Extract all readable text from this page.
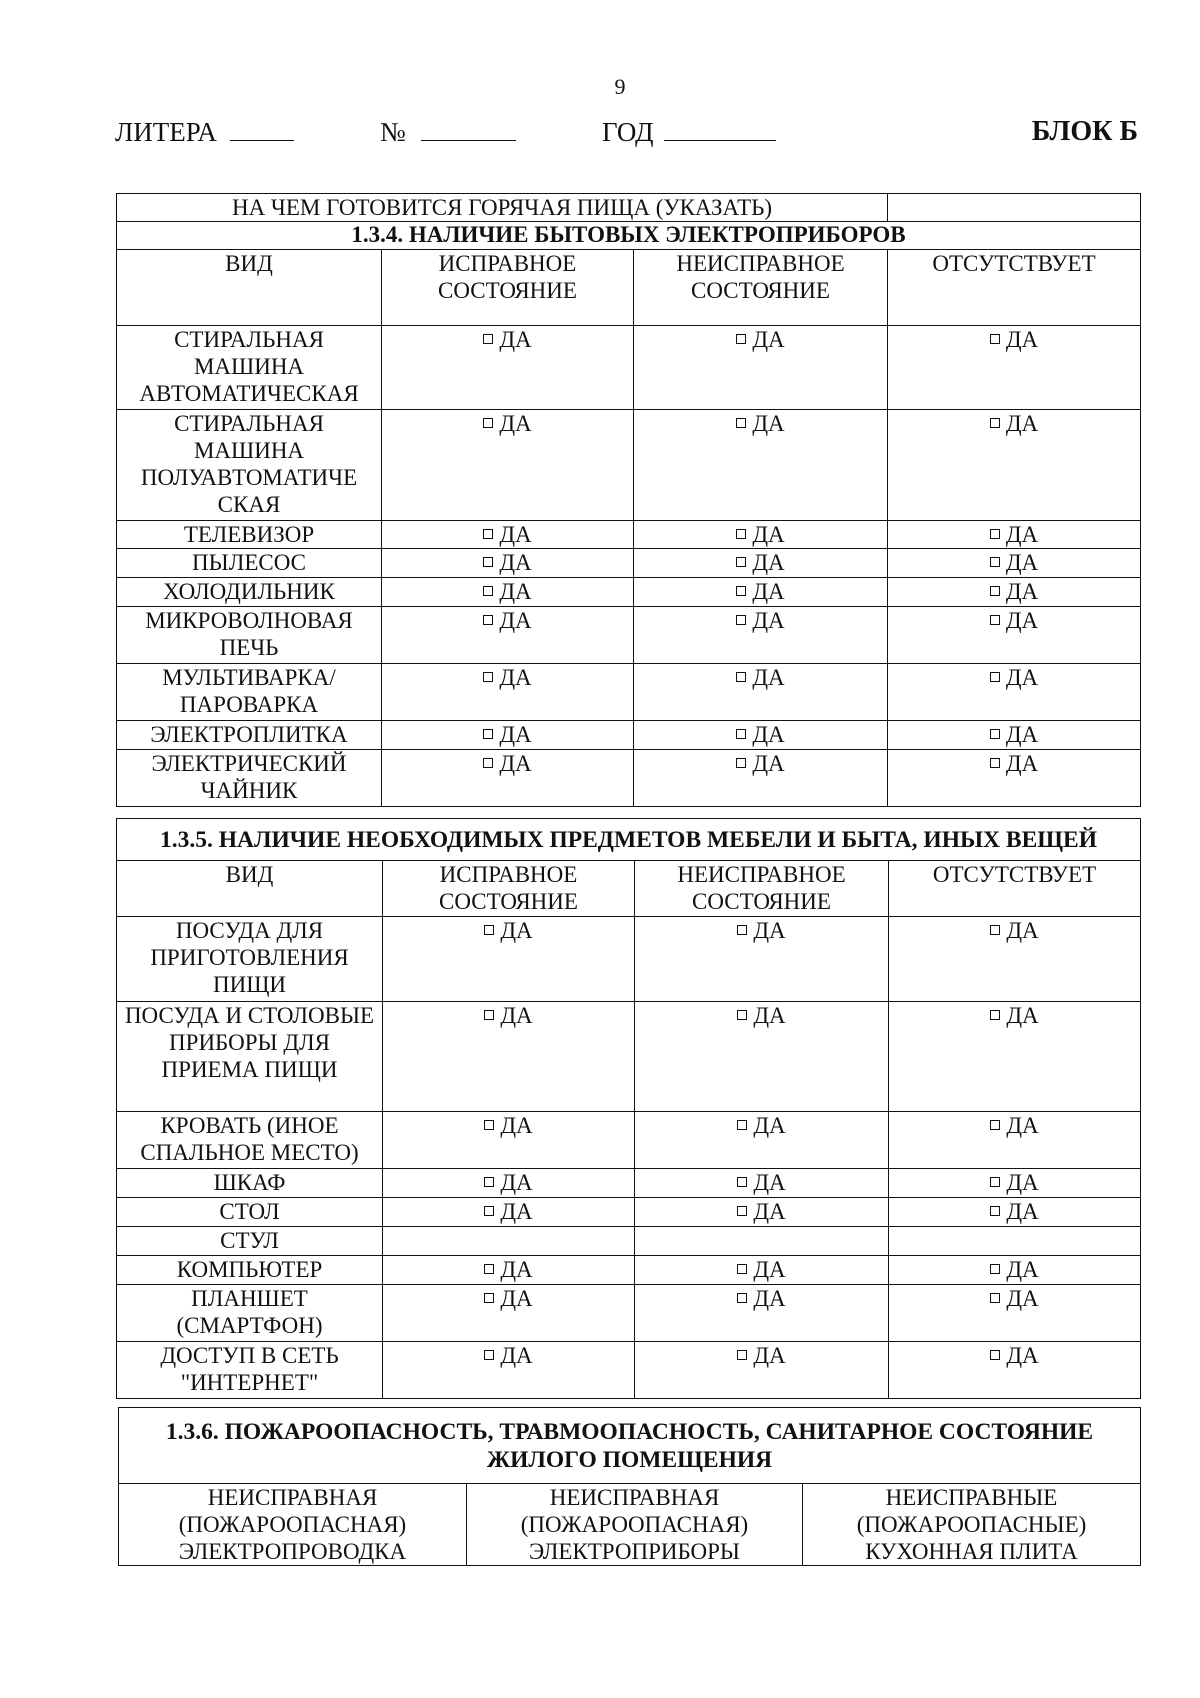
9
ЛИТЕРА	№	ГОД	БЛОК Б
НА ЧЕМ ГОТОВИТСЯ ГОРЯЧАЯ ПИЩА (УКАЗАТЬ)			
1.3.4. НАЛИЧИЕ БЫТОВЫХ ЭЛЕКТРОПРИБОРОВ			
ВИД	ИСПРАВНОЕ СОСТОЯНИЕ	НЕИСПРАВНОЕ СОСТОЯНИЕ	ОТСУТСТВУЕТ
СТИРАЛЬНАЯ МАШИНА АВТОМАТИЧЕСКАЯ	ДА	ДА	ДА
СТИРАЛЬНАЯ МАШИНА ПОЛУАВТОМАТИЧЕ СКАЯ	ДА	ДА	ДА
ТЕЛЕВИЗОР	ДА	ДА	ДА
ПЫЛЕСОС	ДА	ДА	ДА
ХОЛОДИЛЬНИК	ДА	ДА	ДА
МИКРОВОЛНОВАЯ ПЕЧЬ	ДА	ДА	ДА
МУЛЬТИВАРКА/ ПАРОВАРКА	ДА	ДА	ДА
ЭЛЕКТРОПЛИТКА	ДА	ДА	ДА
ЭЛЕКТРИЧЕСКИЙ ЧАЙНИК	ДА	ДА	ДА
1.3.5. НАЛИЧИЕ НЕОБХОДИМЫХ ПРЕДМЕТОВ МЕБЕЛИ И БЫТА, ИНЫХ ВЕЩЕЙ			
ВИД	ИСПРАВНОЕ СОСТОЯНИЕ	НЕИСПРАВНОЕ СОСТОЯНИЕ	ОТСУТСТВУЕТ
ПОСУДА ДЛЯ ПРИГОТОВЛЕНИЯ ПИЩИ	ДА	ДА	ДА
ПОСУДА И СТОЛОВЫЕ ПРИБОРЫ ДЛЯ ПРИЕМА ПИЩИ	ДА	ДА	ДА
КРОВАТЬ (ИНОЕ СПАЛЬНОЕ МЕСТО)	ДА	ДА	ДА
ШКАФ	ДА	ДА	ДА
СТОЛ	ДА	ДА	ДА
СТУЛ			
КОМПЬЮТЕР	ДА	ДА	ДА
ПЛАНШЕТ (СМАРТФОН)	ДА	ДА	ДА
ДОСТУП В СЕТЬ "ИНТЕРНЕТ"	ДА	ДА	ДА
1.3.6. ПОЖАРООПАСНОСТЬ, ТРАВМООПАСНОСТЬ, САНИТАРНОЕ СОСТОЯНИЕ ЖИЛОГО ПОМЕЩЕНИЯ
НЕИСПРАВНАЯ (ПОЖАРООПАСНАЯ) ЭЛЕКТРОПРОВОДКА	НЕИСПРАВНАЯ (ПОЖАРООПАСНАЯ) ЭЛЕКТРОПРИБОРЫ	НЕИСПРАВНЫЕ (ПОЖАРООПАСНЫЕ) КУХОННАЯ ПЛИТА
